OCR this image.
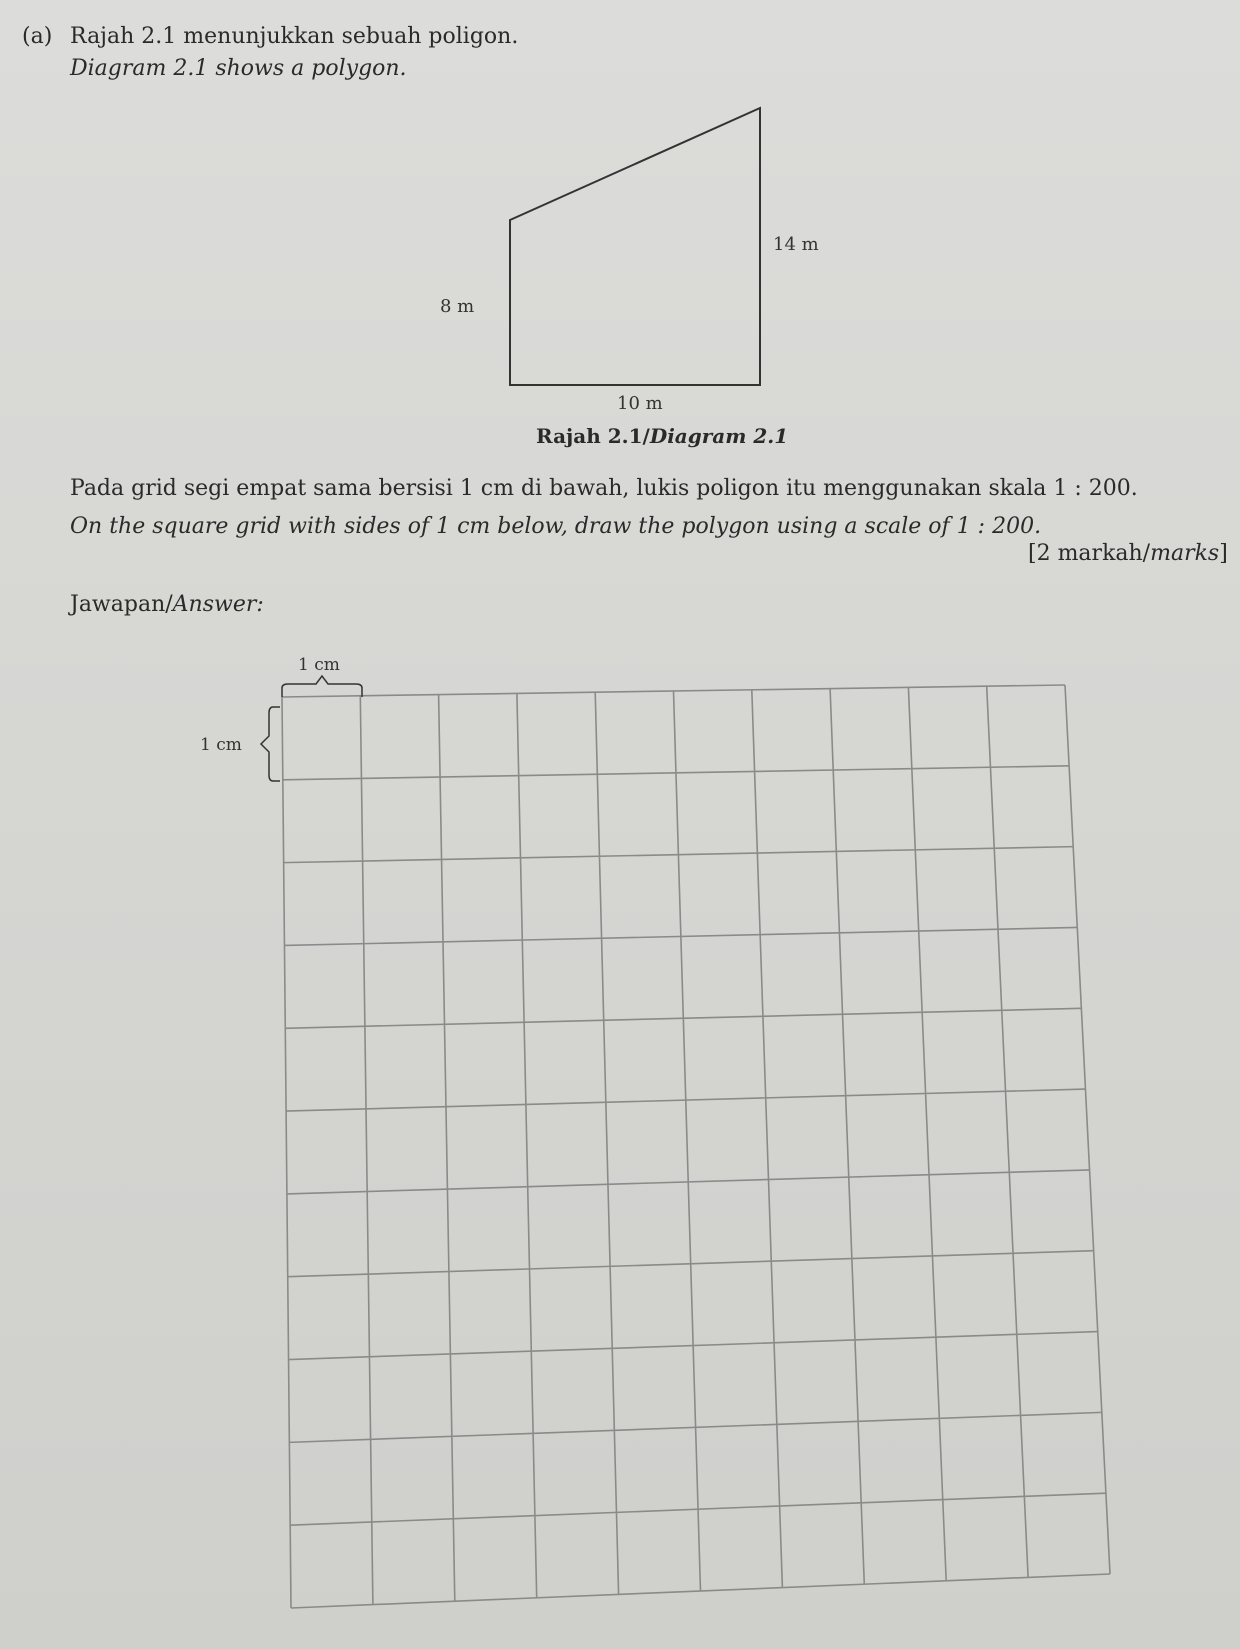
(a) Rajah 2.1 menunjukkan sebuah poligon.
Diagram 2.1 shows a polygon.
8 m
14 m
10 m
Rajah 2.1/Diagram 2.1
Pada grid segi empat sama bersisi 1 cm di bawah, lukis poligon itu menggunakan skala 1 : 200.
On the square grid with sides of 1 cm below, draw the polygon using a scale of 1 : 200.
[2 markah/marks]
Jawapan/Answer:
1 cm
1 cm
